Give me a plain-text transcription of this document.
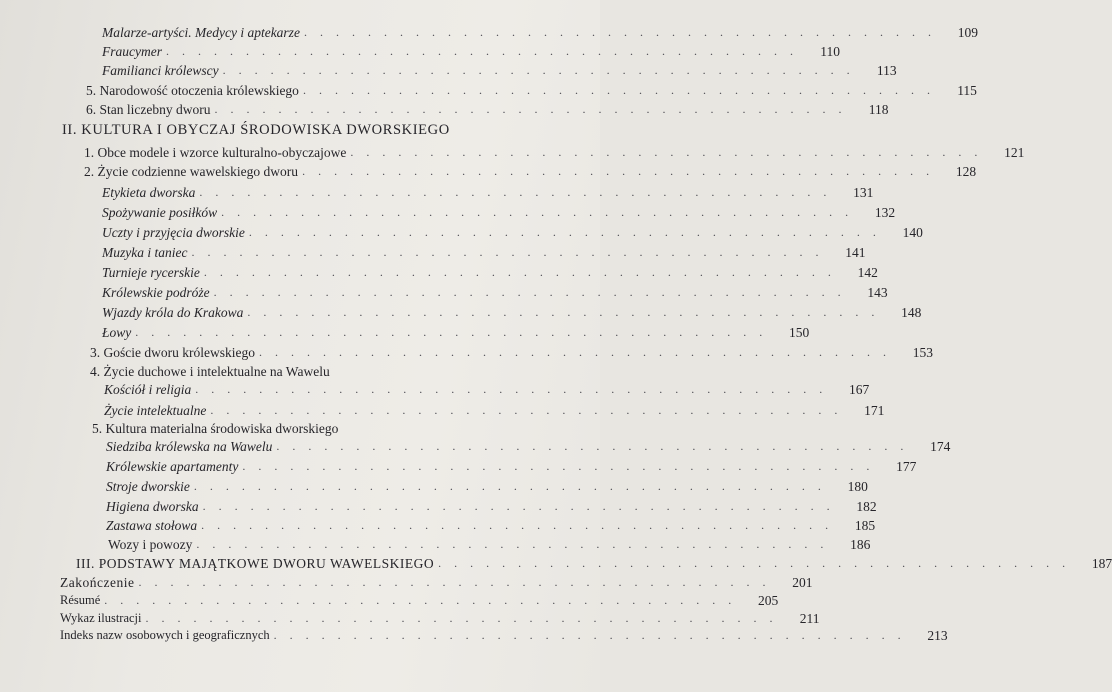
Malarze-artyści. Medycy i aptekarze . . . . . . . . . . . . . . . . . . . . . . . . . . . . . . . . . . . . . . . .	109
Fraucymer . . . . . . . . . . . . . . . . . . . . . . . . . . . . . . . . . . . . . . . .	110
Familianci królewscy . . . . . . . . . . . . . . . . . . . . . . . . . . . . . . . . . . . . . . . .	113
5. Narodowość otoczenia królewskiego . . . . . . . . . . . . . . . . . . . . . . . . . . . . . . . . . . . . . . . .	115
6. Stan liczebny dworu . . . . . . . . . . . . . . . . . . . . . . . . . . . . . . . . . . . . . . . .	118
II. KULTURA I OBYCZAJ ŚRODOWISKA DWORSKIEGO
1. Obce modele i wzorce kulturalno-obyczajowe . . . . . . . . . . . . . . . . . . . . . . . . . . . . . . . . . . . . . . . .	121
2. Życie codzienne wawelskiego dworu . . . . . . . . . . . . . . . . . . . . . . . . . . . . . . . . . . . . . . . .	128
Etykieta dworska . . . . . . . . . . . . . . . . . . . . . . . . . . . . . . . . . . . . . . . .	131
Spożywanie posiłków . . . . . . . . . . . . . . . . . . . . . . . . . . . . . . . . . . . . . . . .	132
Uczty i przyjęcia dworskie . . . . . . . . . . . . . . . . . . . . . . . . . . . . . . . . . . . . . . . .	140
Muzyka i taniec . . . . . . . . . . . . . . . . . . . . . . . . . . . . . . . . . . . . . . . .	141
Turnieje rycerskie . . . . . . . . . . . . . . . . . . . . . . . . . . . . . . . . . . . . . . . .	142
Królewskie podróże . . . . . . . . . . . . . . . . . . . . . . . . . . . . . . . . . . . . . . . .	143
Wjazdy króla do Krakowa . . . . . . . . . . . . . . . . . . . . . . . . . . . . . . . . . . . . . . . .	148
Łowy . . . . . . . . . . . . . . . . . . . . . . . . . . . . . . . . . . . . . . . .	150
3. Goście dworu królewskiego . . . . . . . . . . . . . . . . . . . . . . . . . . . . . . . . . . . . . . . .	153
4. Życie duchowe i intelektualne na Wawelu
Kościół i religia . . . . . . . . . . . . . . . . . . . . . . . . . . . . . . . . . . . . . . . .	167
Życie intelektualne . . . . . . . . . . . . . . . . . . . . . . . . . . . . . . . . . . . . . . . .	171
5. Kultura materialna środowiska dworskiego
Siedziba królewska na Wawelu . . . . . . . . . . . . . . . . . . . . . . . . . . . . . . . . . . . . . . . .	174
Królewskie apartamenty . . . . . . . . . . . . . . . . . . . . . . . . . . . . . . . . . . . . . . . .	177
Stroje dworskie . . . . . . . . . . . . . . . . . . . . . . . . . . . . . . . . . . . . . . . .	180
Higiena dworska . . . . . . . . . . . . . . . . . . . . . . . . . . . . . . . . . . . . . . . .	182
Zastawa stołowa . . . . . . . . . . . . . . . . . . . . . . . . . . . . . . . . . . . . . . . .	185
Wozy i powozy . . . . . . . . . . . . . . . . . . . . . . . . . . . . . . . . . . . . . . . .	186
III. PODSTAWY MAJĄTKOWE DWORU WAWELSKIEGO . . . . . . . . . . . . . . . . . . . . . . . . . . . . . . . . . . . . . . . .	187
Zakończenie . . . . . . . . . . . . . . . . . . . . . . . . . . . . . . . . . . . . . . . .	201
Résumé . . . . . . . . . . . . . . . . . . . . . . . . . . . . . . . . . . . . . . . .	205
Wykaz ilustracji . . . . . . . . . . . . . . . . . . . . . . . . . . . . . . . . . . . . . . . .	211
Indeks nazw osobowych i geograficznych . . . . . . . . . . . . . . . . . . . . . . . . . . . . . . . . . . . . . . . .	213
